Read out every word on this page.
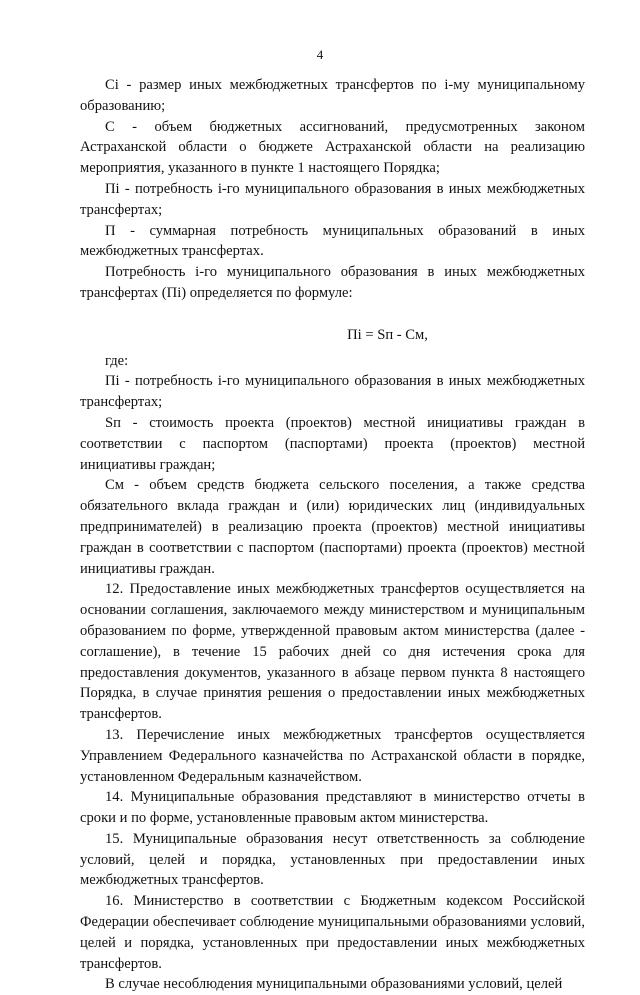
4

Ci - размер иных межбюджетных трансфертов по i-му муниципальному образованию;

С - объем бюджетных ассигнований, предусмотренных законом Астраханской области о бюджете Астраханской области на реализацию мероприятия, указанного в пункте 1 настоящего Порядка;

Пi - потребность i-го муниципального образования в иных межбюджетных трансфертах;

П - суммарная потребность муниципальных образований в иных межбюджетных трансфертах.

Потребность i-го муниципального образования в иных межбюджетных трансфертах (Пi) определяется по формуле:

Пi = Sп - См,

где:

Пi - потребность i-го муниципального образования в иных межбюджетных трансфертах;

Sп - стоимость проекта (проектов) местной инициативы граждан в соответствии с паспортом (паспортами) проекта (проектов) местной инициативы граждан;

См - объем средств бюджета сельского поселения, а также средства обязательного вклада граждан и (или) юридических лиц (индивидуальных предпринимателей) в реализацию проекта (проектов) местной инициативы граждан в соответствии с паспортом (паспортами) проекта (проектов) местной инициативы граждан.

12. Предоставление иных межбюджетных трансфертов осуществляется на основании соглашения, заключаемого между министерством и муниципальным образованием по форме, утвержденной правовым актом министерства (далее - соглашение), в течение 15 рабочих дней со дня истечения срока для предоставления документов, указанного в абзаце первом пункта 8 настоящего Порядка, в случае принятия решения о предоставлении иных межбюджетных трансфертов.

13. Перечисление иных межбюджетных трансфертов осуществляется Управлением Федерального казначейства по Астраханской области в порядке, установленном Федеральным казначейством.

14. Муниципальные образования представляют в министерство отчеты в сроки и по форме, установленные правовым актом министерства.

15. Муниципальные образования несут ответственность за соблюдение условий, целей и порядка, установленных при предоставлении иных межбюджетных трансфертов.

16. Министерство в соответствии с Бюджетным кодексом Российской Федерации обеспечивает соблюдение муниципальными образованиями условий, целей и порядка, установленных при предоставлении иных межбюджетных трансфертов.

В случае несоблюдения муниципальными образованиями условий, целей
